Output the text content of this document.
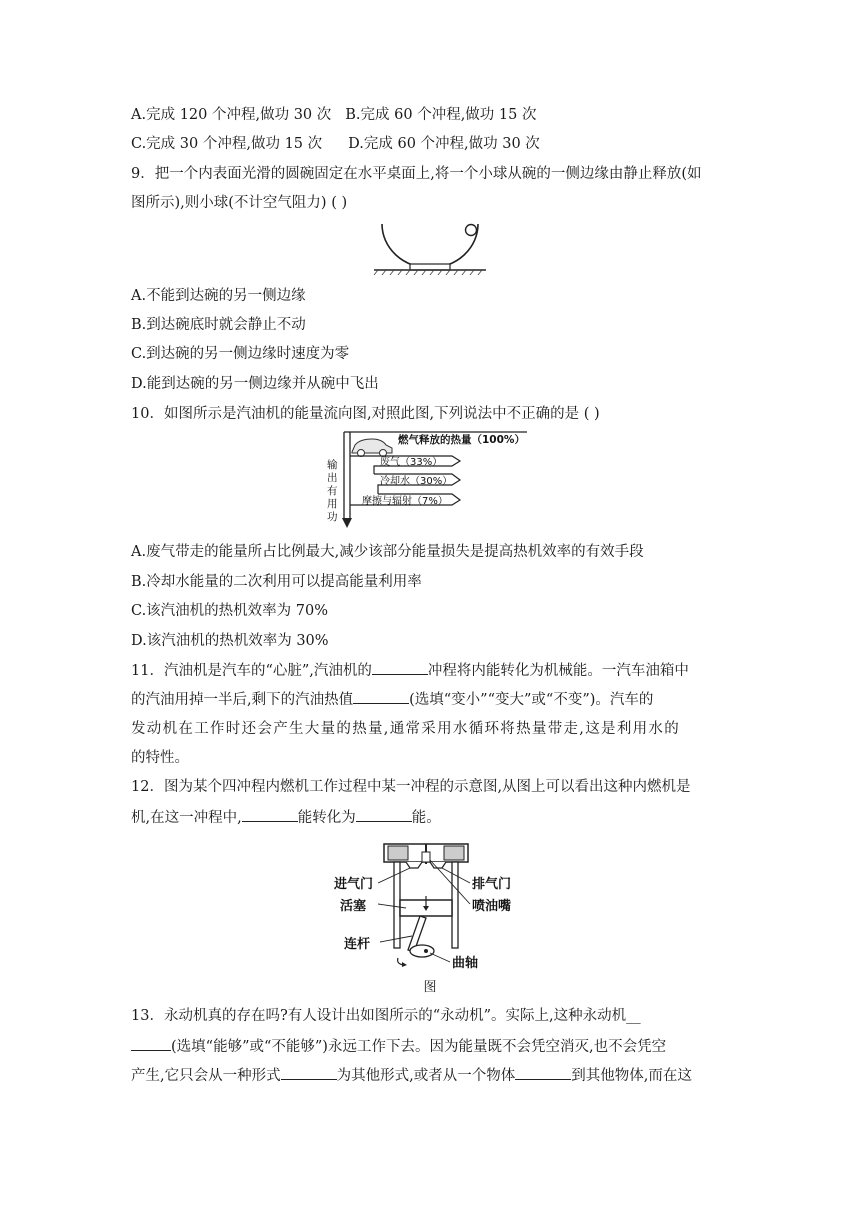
A.完成 120 个冲程,做功 30 次 B.完成 60 个冲程,做功 15 次
C.完成 30 个冲程,做功 15 次 D.完成 60 个冲程,做功 30 次
9．把一个内表面光滑的圆碗固定在水平桌面上,将一个小球从碗的一侧边缘由静止释放(如
图所示),则小球(不计空气阻力) ( )
A.不能到达碗的另一侧边缘
B.到达碗底时就会静止不动
C.到达碗的另一侧边缘时速度为零
D.能到达碗的另一侧边缘并从碗中飞出
10．如图所示是汽油机的能量流向图,对照此图,下列说法中不正确的是 ( )
燃气释放的热量（100%）
废气（33%）
冷却水（30%）
摩擦与辐射（7%）
输
出
有
用
功
A.废气带走的能量所占比例最大,减少该部分能量损失是提高热机效率的有效手段
B.冷却水能量的二次利用可以提高能量利用率
C.该汽油机的热机效率为 70%
D.该汽油机的热机效率为 30%
11．汽油机是汽车的“心脏”,汽油机的	冲程将内能转化为机械能。一汽车油箱中
的汽油用掉一半后,剩下的汽油热值	(选填“变小”“变大”或“不变”)。汽车的
发动机在工作时还会产生大量的热量,通常采用水循环将热量带走,这是利用水的
的特性。
12．图为某个四冲程内燃机工作过程中某一冲程的示意图,从图上可以看出这种内燃机是
机,在这一冲程中,	能转化为	能。
进气门	排气门
活塞	喷油嘴
连杆
曲轴
图
13．永动机真的存在吗?有人设计出如图所示的“永动机”。实际上,这种永动机__
(选填“能够”或“不能够”)永远工作下去。因为能量既不会凭空消灭,也不会凭空
产生,它只会从一种形式	为其他形式,或者从一个物体	到其他物体,而在这
